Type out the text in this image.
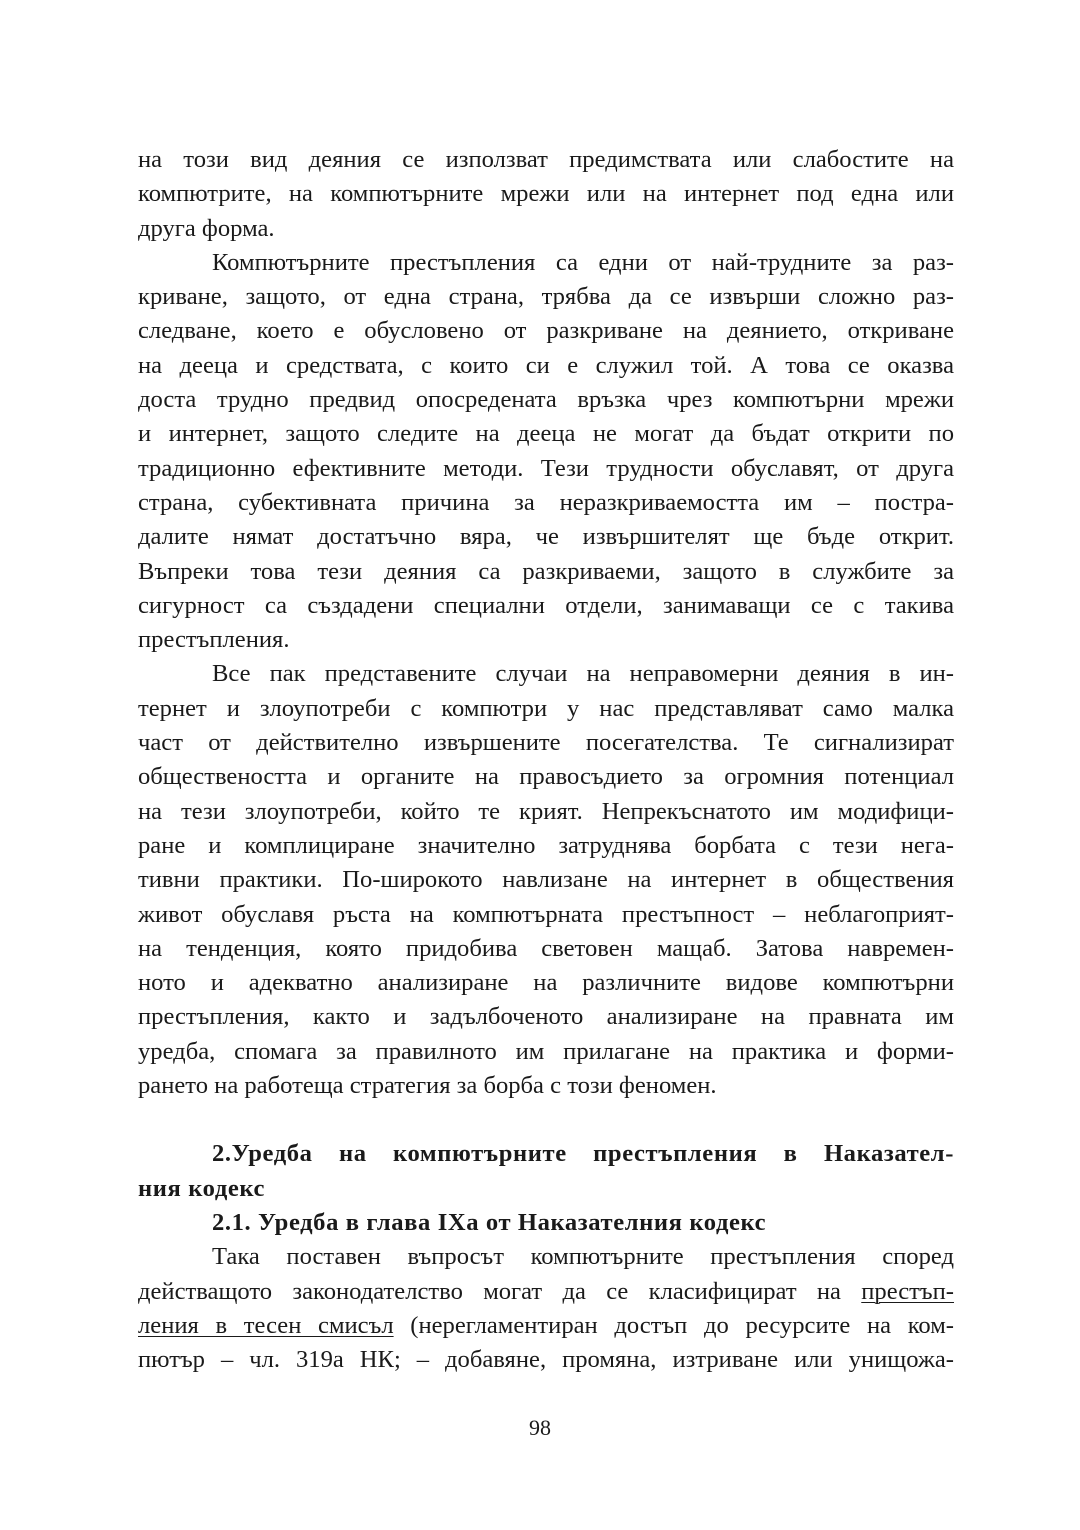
на този вид деяния се използват предимствата или слабостите на
компютрите, на компютърните мрежи или на интернет под една или
друга форма.
Компютърните престъпления са едни от най-трудните за раз-
криване, защото, от една страна, трябва да се извърши сложно раз-
следване, което е обусловено от разкриване на деянието, откриване
на дееца и средствата, с които си е служил той. А това се оказва
доста трудно предвид опосредената връзка чрез компютърни мрежи
и интернет, защото следите на дееца не могат да бъдат открити по
традиционно ефективните методи. Тези трудности обуславят, от друга
страна, субективната причина за неразкриваемостта им – постра-
далите нямат достатъчно вяра, че извършителят ще бъде открит.
Въпреки това тези деяния са разкриваеми, защото в службите за
сигурност са създадени специални отдели, занимаващи се с такива
престъпления.
Все пак представените случаи на неправомерни деяния в ин-
тернет и злоупотреби с компютри у нас представляват само малка
част от действително извършените посегателства. Те сигнализират
обществеността и органите на правосъдието за огромния потенциал
на тези злоупотреби, който те крият. Непрекъснатото им модифици-
ране и комплициране значително затруднява борбата с тези нега-
тивни практики. По-широкото навлизане на интернет в обществения
живот обуславя ръста на компютърната престъпност – неблагоприят-
на тенденция, която придобива световен мащаб. Затова навремен-
ното и адекватно анализиране на различните видове компютърни
престъпления, както и задълбоченото анализиране на правната им
уредба, спомага за правилното им прилагане на практика и форми-
рането на работеща стратегия за борба с този феномен.
2.Уредба на компютърните престъпления в Наказател-
ния кодекс
2.1. Уредба в глава IХа от Наказателния кодекс
Така поставен въпросът компютърните престъпления според
действащото законодателство могат да се класифицират на престъп-
ления в тесен смисъл (нерегламентиран достъп до ресурсите на ком-
пютър – чл. 319а НК; – добавяне, промяна, изтриване или унищожа-
98
